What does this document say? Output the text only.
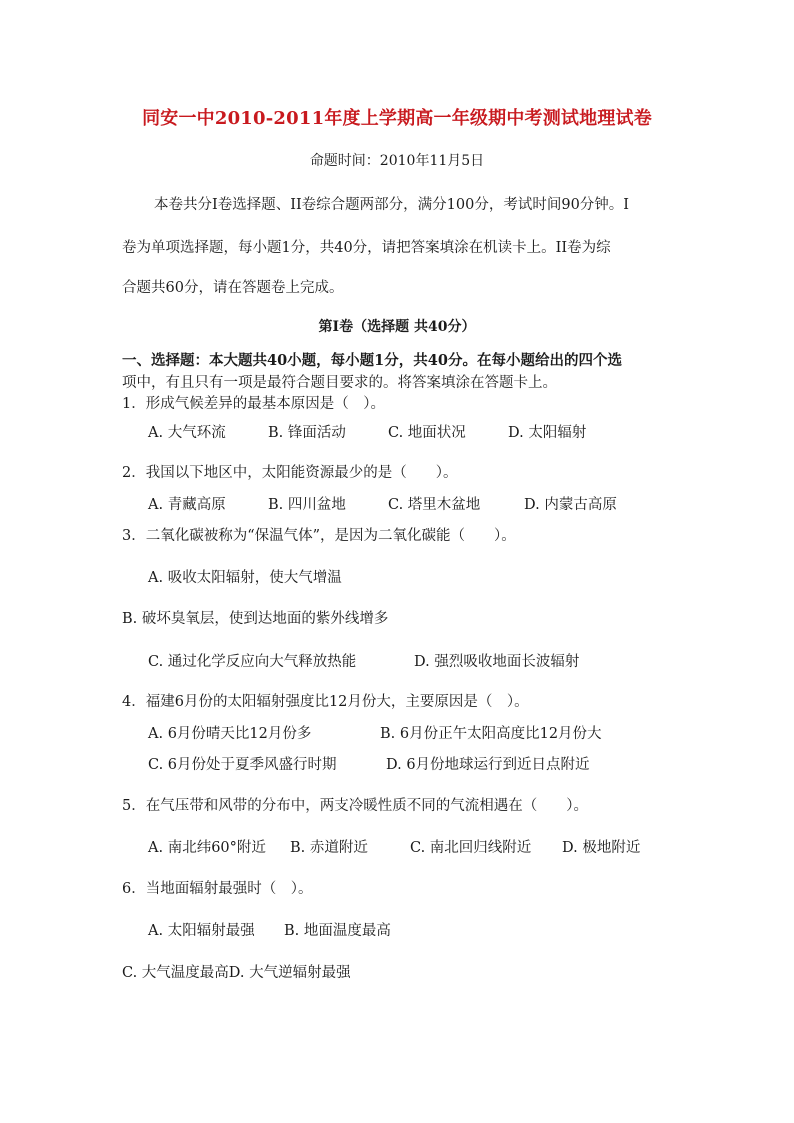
同安一中2010-2011年度上学期高一年级期中考测试地理试卷
命题时间：2010年11月5日
本卷共分I卷选择题、II卷综合题两部分，满分100分，考试时间90分钟。I
卷为单项选择题，每小题1分，共40分，请把答案填涂在机读卡上。II卷为综
合题共60分，请在答题卷上完成。
第I卷（选择题 共40分）
一、选择题：本大题共40小题，每小题1分，共40分。在每小题给出的四个选
项中，有且只有一项是最符合题目要求的。将答案填涂在答题卡上。
1．形成气候差异的最基本原因是（　）。
A. 大气环流	B. 锋面活动	C. 地面状况	D. 太阳辐射
2．我国以下地区中，太阳能资源最少的是（　　）。
A. 青藏高原	B. 四川盆地	C. 塔里木盆地	D. 内蒙古高原
3．二氧化碳被称为“保温气体”，是因为二氧化碳能（　　）。
A. 吸收太阳辐射，使大气增温
B. 破坏臭氧层，使到达地面的紫外线增多
C. 通过化学反应向大气释放热能	D. 强烈吸收地面长波辐射
4．福建6月份的太阳辐射强度比12月份大，主要原因是（　）。
A. 6月份晴天比12月份多	B. 6月份正午太阳高度比12月份大
C. 6月份处于夏季风盛行时期	D. 6月份地球运行到近日点附近
5．在气压带和风带的分布中，两支冷暖性质不同的气流相遇在（　　）。
A. 南北纬60°附近 B. 赤道附近	C. 南北回归线附近 D. 极地附近
6．当地面辐射最强时（　）。
A. 太阳辐射最强 B. 地面温度最高
C. 大气温度最高D. 大气逆辐射最强
